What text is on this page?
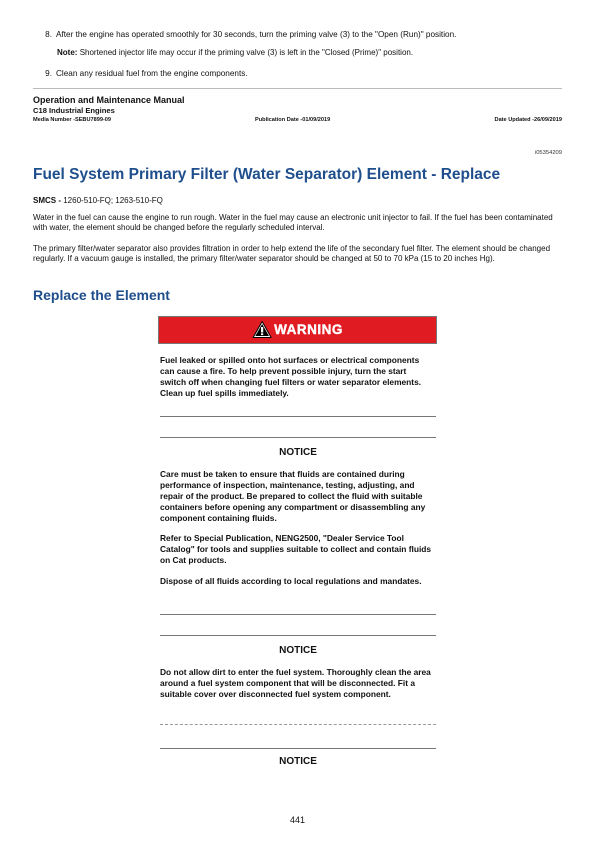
8. After the engine has operated smoothly for 30 seconds, turn the priming valve (3) to the "Open (Run)" position.
Note: Shortened injector life may occur if the priming valve (3) is left in the "Closed (Prime)" position.
9. Clean any residual fuel from the engine components.
Operation and Maintenance Manual
C18 Industrial Engines
Media Number -SEBU7899-09	Publication Date -01/09/2019	Date Updated -26/09/2019
i05354209
Fuel System Primary Filter (Water Separator) Element - Replace
SMCS - 1260-510-FQ; 1263-510-FQ
Water in the fuel can cause the engine to run rough. Water in the fuel may cause an electronic unit injector to fail. If the fuel has been contaminated with water, the element should be changed before the regularly scheduled interval.
The primary filter/water separator also provides filtration in order to help extend the life of the secondary fuel filter. The element should be changed regularly. If a vacuum gauge is installed, the primary filter/water separator should be changed at 50 to 70 kPa (15 to 20 inches Hg).
Replace the Element
WARNING
Fuel leaked or spilled onto hot surfaces or electrical components can cause a fire. To help prevent possible injury, turn the start switch off when changing fuel filters or water separator elements. Clean up fuel spills immediately.
NOTICE
Care must be taken to ensure that fluids are contained during performance of inspection, maintenance, testing, adjusting, and repair of the product. Be prepared to collect the fluid with suitable containers before opening any compartment or disassembling any component containing fluids.
Refer to Special Publication, NENG2500, "Dealer Service Tool Catalog" for tools and supplies suitable to collect and contain fluids on Cat products.
Dispose of all fluids according to local regulations and mandates.
NOTICE
Do not allow dirt to enter the fuel system. Thoroughly clean the area around a fuel system component that will be disconnected. Fit a suitable cover over disconnected fuel system component.
NOTICE
441
